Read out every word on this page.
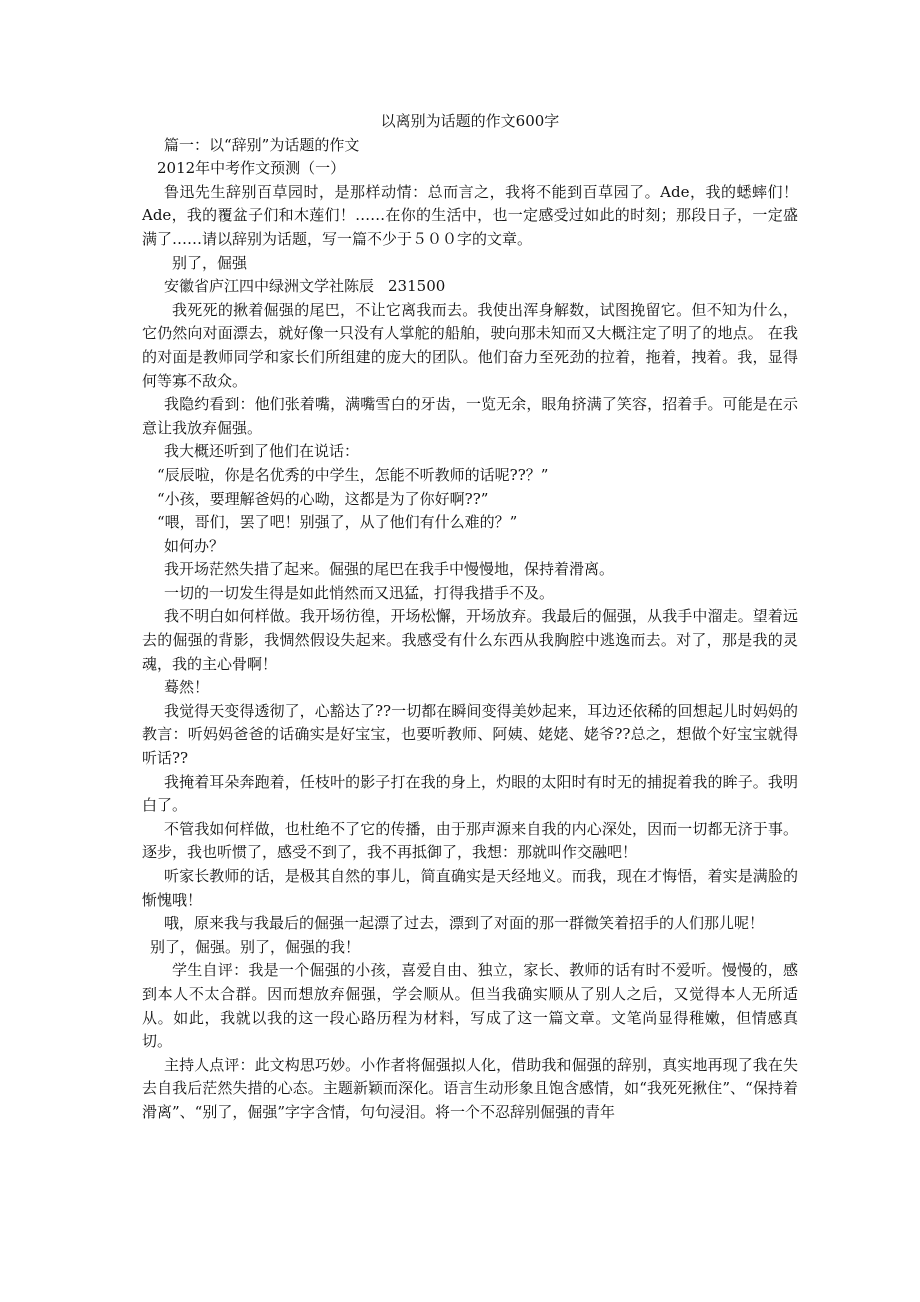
以离别为话题的作文600字

篇一：以“辞别”为话题的作文

2012年中考作文预测（一）

鲁迅先生辞别百草园时，是那样动情：总而言之，我将不能到百草园了。Ade，我的蟋蟀们！Ade，我的覆盆子们和木莲们！……在你的生活中，也一定感受过如此的时刻；那段日子，一定盛满了……请以辞别为话题，写一篇不少于５００字的文章。

别了，倔强

安徽省庐江四中绿洲文学社陈辰 231500

我死死的揪着倔强的尾巴，不让它离我而去。我使出浑身解数，试图挽留它。但不知为什么，它仍然向对面漂去，就好像一只没有人掌舵的船舶，驶向那未知而又大概注定了明了的地点。 在我的对面是教师同学和家长们所组建的庞大的团队。他们奋力至死劲的拉着，拖着，拽着。我，显得何等寡不敌众。

我隐约看到：他们张着嘴，满嘴雪白的牙齿，一览无余，眼角挤满了笑容，招着手。可能是在示意让我放弃倔强。

我大概还听到了他们在说话：

“辰辰啦，你是名优秀的中学生，怎能不听教师的话呢??？”

“小孩，要理解爸妈的心呦，这都是为了你好啊??”

“喂，哥们，罢了吧！别强了，从了他们有什么难的？”

如何办？

我开场茫然失措了起来。倔强的尾巴在我手中慢慢地，保持着滑离。

一切的一切发生得是如此悄然而又迅猛，打得我措手不及。

我不明白如何样做。我开场彷徨，开场松懈，开场放弃。我最后的倔强，从我手中溜走。望着远去的倔强的背影，我惆然假设失起来。我感受有什么东西从我胸腔中逃逸而去。对了，那是我的灵魂，我的主心骨啊！

蓦然！

我觉得天变得透彻了，心豁达了??一切都在瞬间变得美妙起来，耳边还依稀的回想起儿时妈妈的教言：听妈妈爸爸的话确实是好宝宝，也要听教师、阿姨、姥姥、姥爷??总之，想做个好宝宝就得听话??

我掩着耳朵奔跑着，任枝叶的影子打在我的身上，灼眼的太阳时有时无的捕捉着我的眸子。我明白了。

不管我如何样做，也杜绝不了它的传播，由于那声源来自我的内心深处，因而一切都无济于事。逐步，我也听惯了，感受不到了，我不再抵御了，我想：那就叫作交融吧！

听家长教师的话，是极其自然的事儿，简直确实是天经地义。而我，现在才悔悟，着实是满脸的惭愧哦！

哦，原来我与我最后的倔强一起漂了过去，漂到了对面的那一群微笑着招手的人们那儿呢！

别了，倔强。别了，倔强的我！

学生自评：我是一个倔强的小孩，喜爱自由、独立，家长、教师的话有时不爱听。慢慢的，感到本人不太合群。因而想放弃倔强，学会顺从。但当我确实顺从了别人之后，又觉得本人无所适从。如此，我就以我的这一段心路历程为材料，写成了这一篇文章。文笔尚显得稚嫩，但情感真切。

主持人点评：此文构思巧妙。小作者将倔强拟人化，借助我和倔强的辞别，真实地再现了我在失去自我后茫然失措的心态。主题新颖而深化。语言生动形象且饱含感情，如“我死死揪住”、“保持着滑离”、“别了，倔强”字字含情，句句浸泪。将一个不忍辞别倔强的青年
